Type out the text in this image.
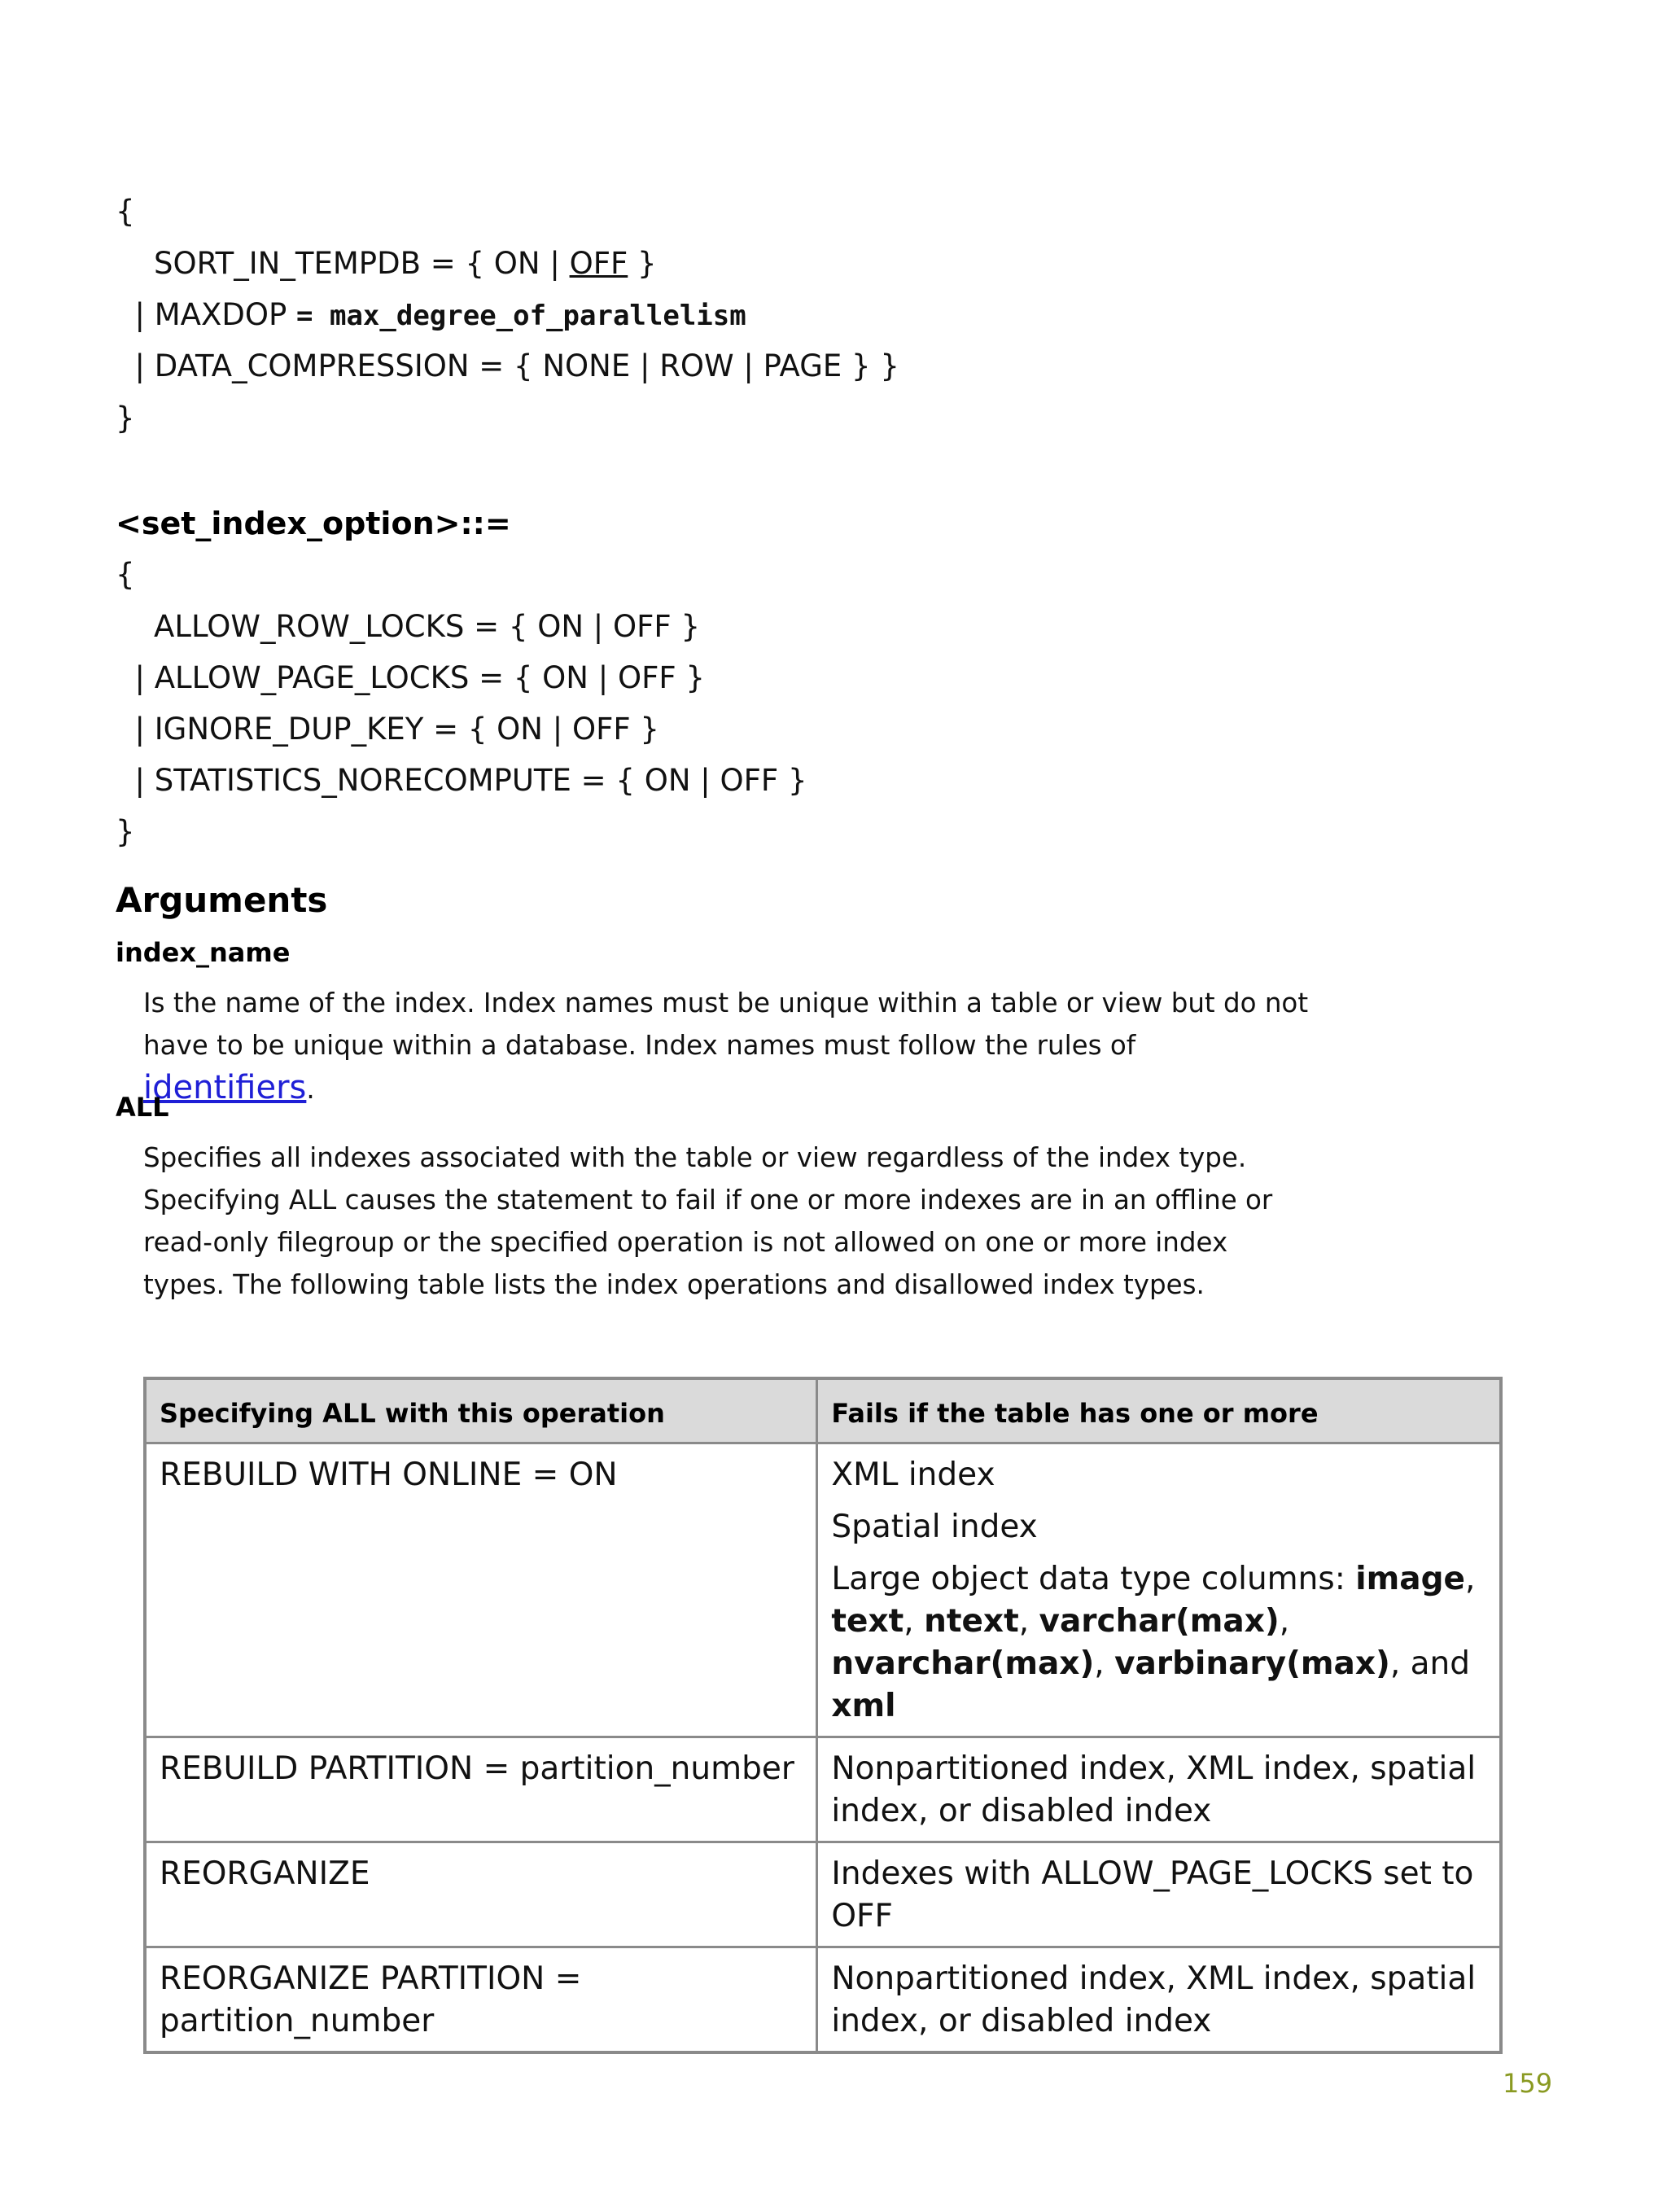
{
SORT_IN_TEMPDB = { ON | OFF }
| MAXDOP = max_degree_of_parallelism
| DATA_COMPRESSION = { NONE | ROW | PAGE } }
}
<set_index_option>::=
{
ALLOW_ROW_LOCKS = { ON | OFF }
| ALLOW_PAGE_LOCKS = { ON | OFF }
| IGNORE_DUP_KEY = { ON | OFF }
| STATISTICS_NORECOMPUTE = { ON | OFF }
}
Arguments
index_name
Is the name of the index. Index names must be unique within a table or view but do not have to be unique within a database. Index names must follow the rules of identifiers.
ALL
Specifies all indexes associated with the table or view regardless of the index type. Specifying ALL causes the statement to fail if one or more indexes are in an offline or read-only filegroup or the specified operation is not allowed on one or more index types. The following table lists the index operations and disallowed index types.
Specifying ALL with this operation	Fails if the table has one or more
REBUILD WITH ONLINE = ON	XML index
Spatial index
Large object data type columns: image, text, ntext, varchar(max), nvarchar(max), varbinary(max), and xml

REBUILD PARTITION = partition_number	Nonpartitioned index, XML index, spatial index, or disabled index
REORGANIZE	Indexes with ALLOW_PAGE_LOCKS set to OFF
REORGANIZE PARTITION = partition_number	Nonpartitioned index, XML index, spatial index, or disabled index
159
